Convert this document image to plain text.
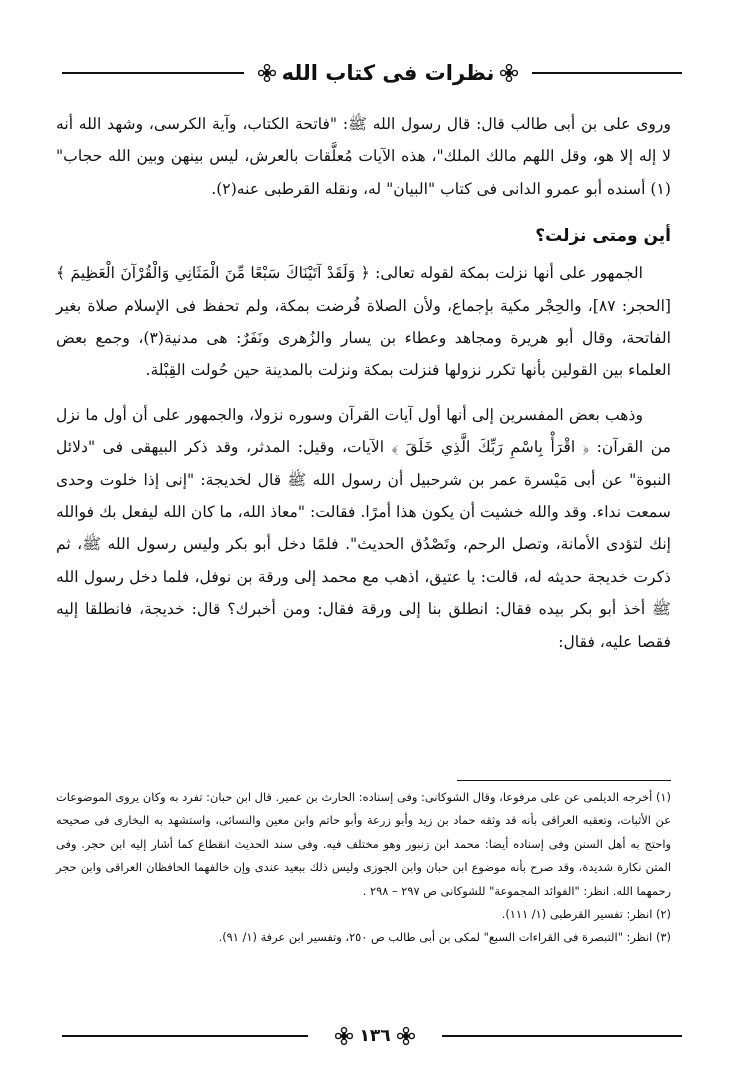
نظرات فى كتاب الله

وروى على بن أبى طالب قال: قال رسول الله ﷺ: "فاتحة الكتاب، وآية الكرسى، وشهد الله أنه لا إله إلا هو، وقل اللهم مالك الملك"، هذه الآيات مُعلَّقات بالعرش، ليس بينهن وبين الله حجاب"(١) أسنده أبو عمرو الدانى فى كتاب "البيان" له، ونقله القرطبى عنه(٢).

أين ومتى نزلت؟

الجمهور على أنها نزلت بمكة لقوله تعالى: ﴿ وَلَقَدْ آتَيْنَاكَ سَبْعًا مِّنَ الْمَثَانِي وَالْقُرْآنَ الْعَظِيمَ ﴾[الحجر: ٨٧]، والحِجْر مكية بإجماع، ولأن الصلاة فُرضت بمكة، ولم تحفظ فى الإسلام صلاة بغير الفاتحة، وقال أبو هريرة ومجاهد وعطاء بن يسار والزُهرى ونَفَرٌ: هى مدنية(٣)، وجمع بعض العلماء بين القولين بأنها تكرر نزولها فنزلت بمكة ونزلت بالمدينة حين حُولت القِبْلة.

وذهب بعض المفسرين إلى أنها أول آيات القرآن وسوره نزولا، والجمهور على أن أول ما نزل من القرآن: ﴿ اقْرَأْ بِاسْمِ رَبِّكَ الَّذِي خَلَقَ ﴾ الآيات، وقيل: المدثر، وقد ذكر البيهقى فى "دلائل النبوة" عن أبى مَيْسرة عمر بن شرحبيل أن رسول الله ﷺ قال لخديجة: "إنى إذا خلوت وحدى سمعت نداء. وقد والله خشيت أن يكون هذا أمرًا. فقالت: "معاذ الله، ما كان الله ليفعل بك فوالله إنك لتؤدى الأمانة، وتصل الرحم، وتَصْدُق الحديث". فلمًا دخل أبو بكر وليس رسول الله ﷺ، ثم ذكرت خديجة حديثه له، قالت: يا عتيق، اذهب مع محمد إلى ورقة بن نوفل، فلما دخل رسول الله ﷺ أخذ أبو بكر بيده فقال: انطلق بنا إلى ورقة فقال: ومن أخبرك؟ قال: خديجة، فانطلقا إليه فقصا عليه، فقال:

(١) أخرجه الديلمى عن على مرفوعا، وقال الشوكانى: وفى إسناده: الحارث بن عمير. قال ابن حبان: تفرد به وكان يروى الموضوعات عن الأثبات، وتعقبه العراقى بأنه قد وثقه حماد بن زيد وأبو زرعة وأبو حاتم وابن معين والنسائى، واستشهد به البخارى فى صحيحه واحتج به أهل السنن وفى إسناده أيضا: محمد ابن زنبور وهو مختلف فيه. وفى سند الحديث انقطاع كما أشار إليه ابن حجر. وفى المتن نكارة شديدة، وقد صرح بأنه موضوع ابن حبان وابن الجوزى وليس ذلك ببعيد عندى وإن خالفهما الحافظان العراقى وابن حجر رحمهما الله. انظر: "الفوائد المجموعة" للشوكانى ص ٢٩٧ – ٢٩٨ .

(٢) انظر: تفسير القرطبى (١/ ١١١).

(٣) انظر: "التبصرة فى القراءات السبع" لمكى بن أبى طالب ص ٢٥٠، وتفسير ابن عرفة (١/ ٩١).

١٣٦
